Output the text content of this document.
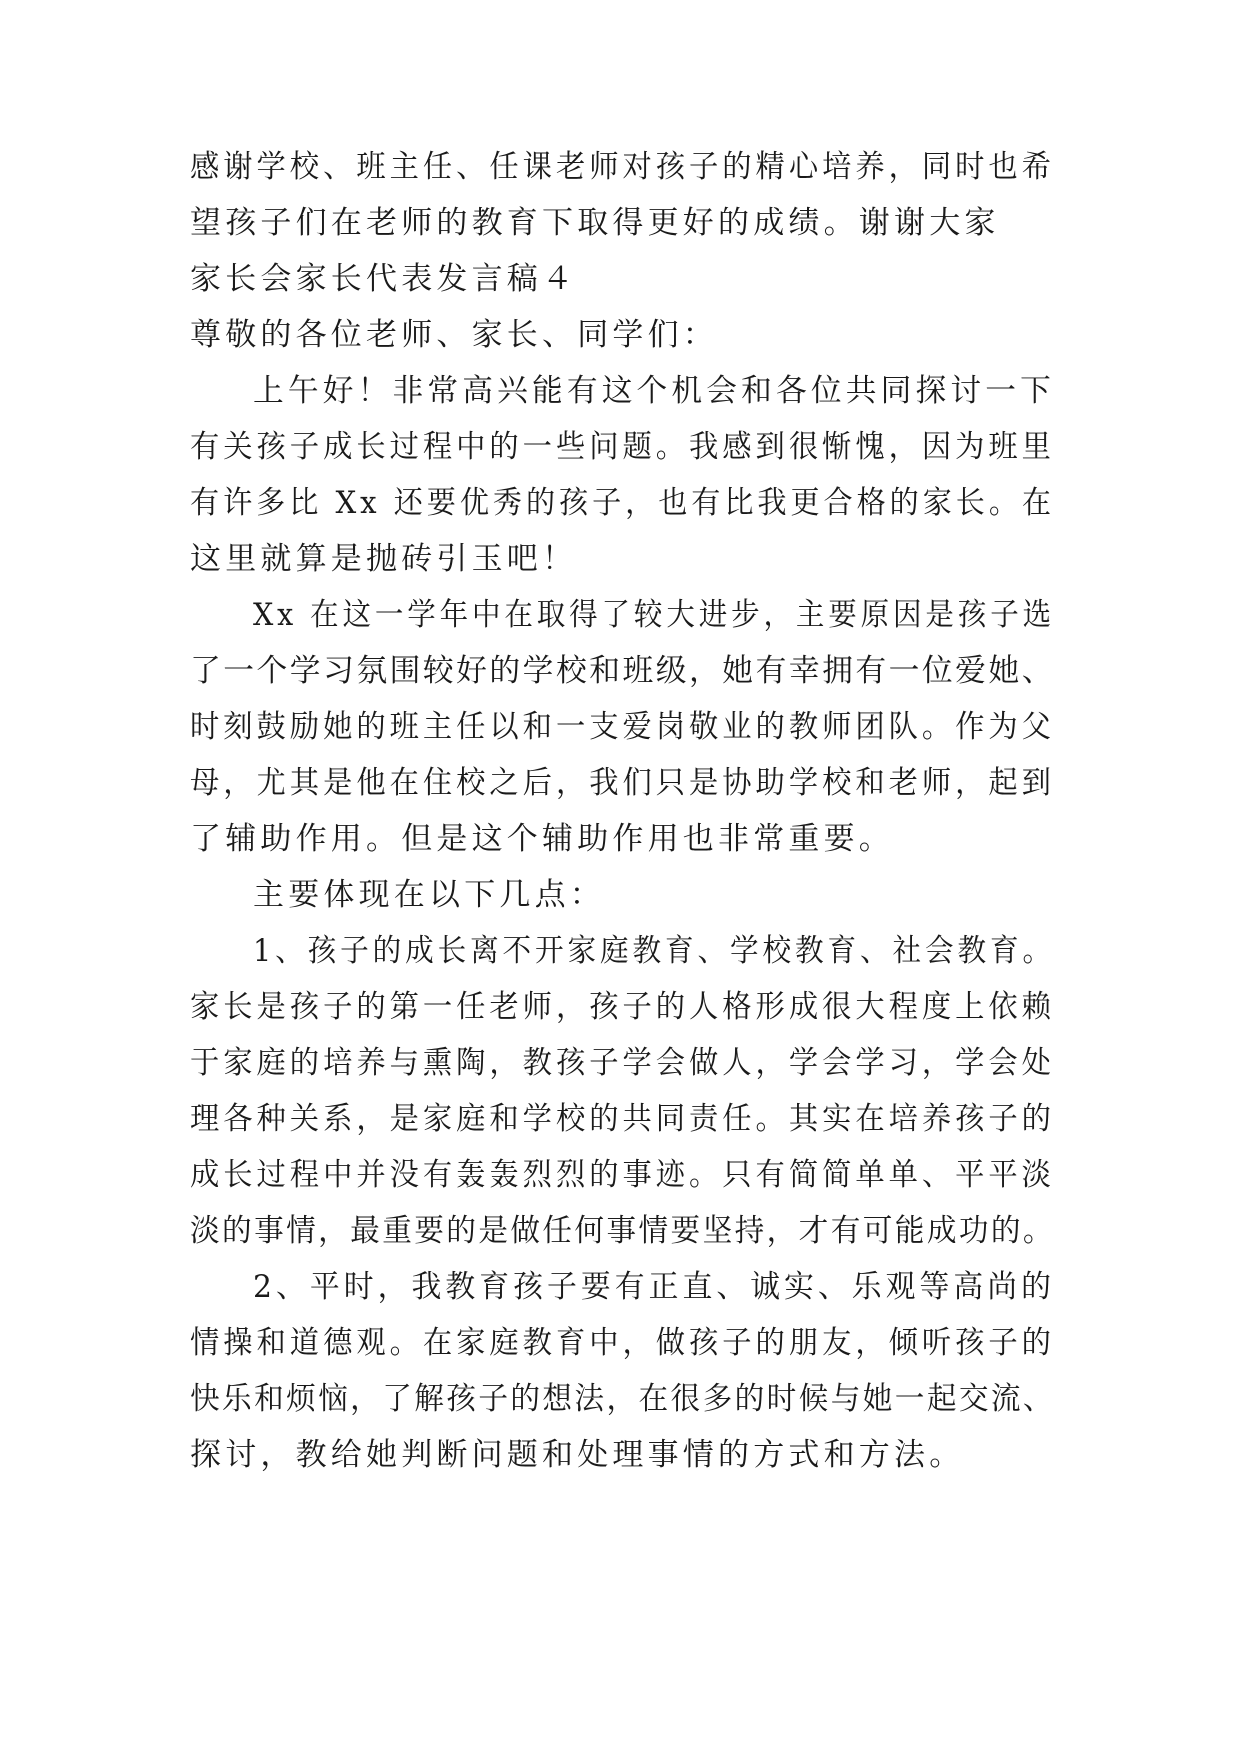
感谢学校、班主任、任课老师对孩子的精心培养，同时也希
望孩子们在老师的教育下取得更好的成绩。谢谢大家
家长会家长代表发言稿４
尊敬的各位老师、家长、同学们：
上午好！非常高兴能有这个机会和各位共同探讨一下
有关孩子成长过程中的一些问题。我感到很惭愧，因为班里
有许多比 Xx 还要优秀的孩子，也有比我更合格的家长。在
这里就算是抛砖引玉吧！
Xx 在这一学年中在取得了较大进步，主要原因是孩子选
了一个学习氛围较好的学校和班级，她有幸拥有一位爱她、
时刻鼓励她的班主任以和一支爱岗敬业的教师团队。作为父
母，尤其是他在住校之后，我们只是协助学校和老师，起到
了辅助作用。但是这个辅助作用也非常重要。
主要体现在以下几点：
1、孩子的成长离不开家庭教育、学校教育、社会教育。
家长是孩子的第一任老师，孩子的人格形成很大程度上依赖
于家庭的培养与熏陶，教孩子学会做人，学会学习，学会处
理各种关系，是家庭和学校的共同责任。其实在培养孩子的
成长过程中并没有轰轰烈烈的事迹。只有简简单单、平平淡
淡的事情，最重要的是做任何事情要坚持，才有可能成功的。
2、平时，我教育孩子要有正直、诚实、乐观等高尚的
情操和道德观。在家庭教育中，做孩子的朋友，倾听孩子的
快乐和烦恼，了解孩子的想法，在很多的时候与她一起交流、
探讨，教给她判断问题和处理事情的方式和方法。
